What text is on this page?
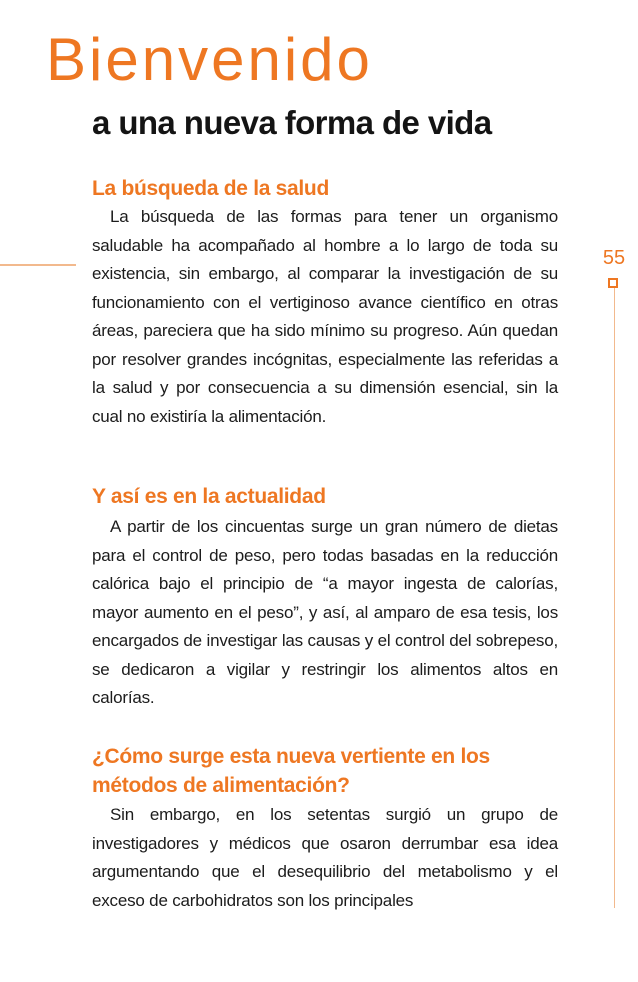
Bienvenido
a una nueva forma de vida
55
La búsqueda de la salud

La búsqueda de las formas para tener un organismo saludable ha acompañado al hombre a lo largo de toda su existencia, sin embargo, al comparar la investigación de su funcionamiento con el vertiginoso avance científico en otras áreas, pareciera que ha sido mínimo su progreso. Aún quedan por resolver grandes incógnitas, especialmente las referidas a la salud y por consecuencia a su dimensión esencial, sin la cual no existiría la alimentación.

Y así es en la actualidad

A partir de los cincuentas surge un gran número de dietas para el control de peso, pero todas basadas en la reducción calórica bajo el principio de “a mayor ingesta de calorías, mayor aumento en el peso”, y así, al amparo de esa tesis, los encargados de investigar las causas y el control del sobrepeso, se dedicaron a vigilar y restringir los alimentos altos en calorías.

¿Cómo surge esta nueva vertiente en los métodos de alimentación?

Sin embargo, en los setentas surgió un grupo de investigadores y médicos que osaron derrumbar esa idea argumentando que el desequilibrio del metabolismo y el exceso de carbohidratos son los principales
